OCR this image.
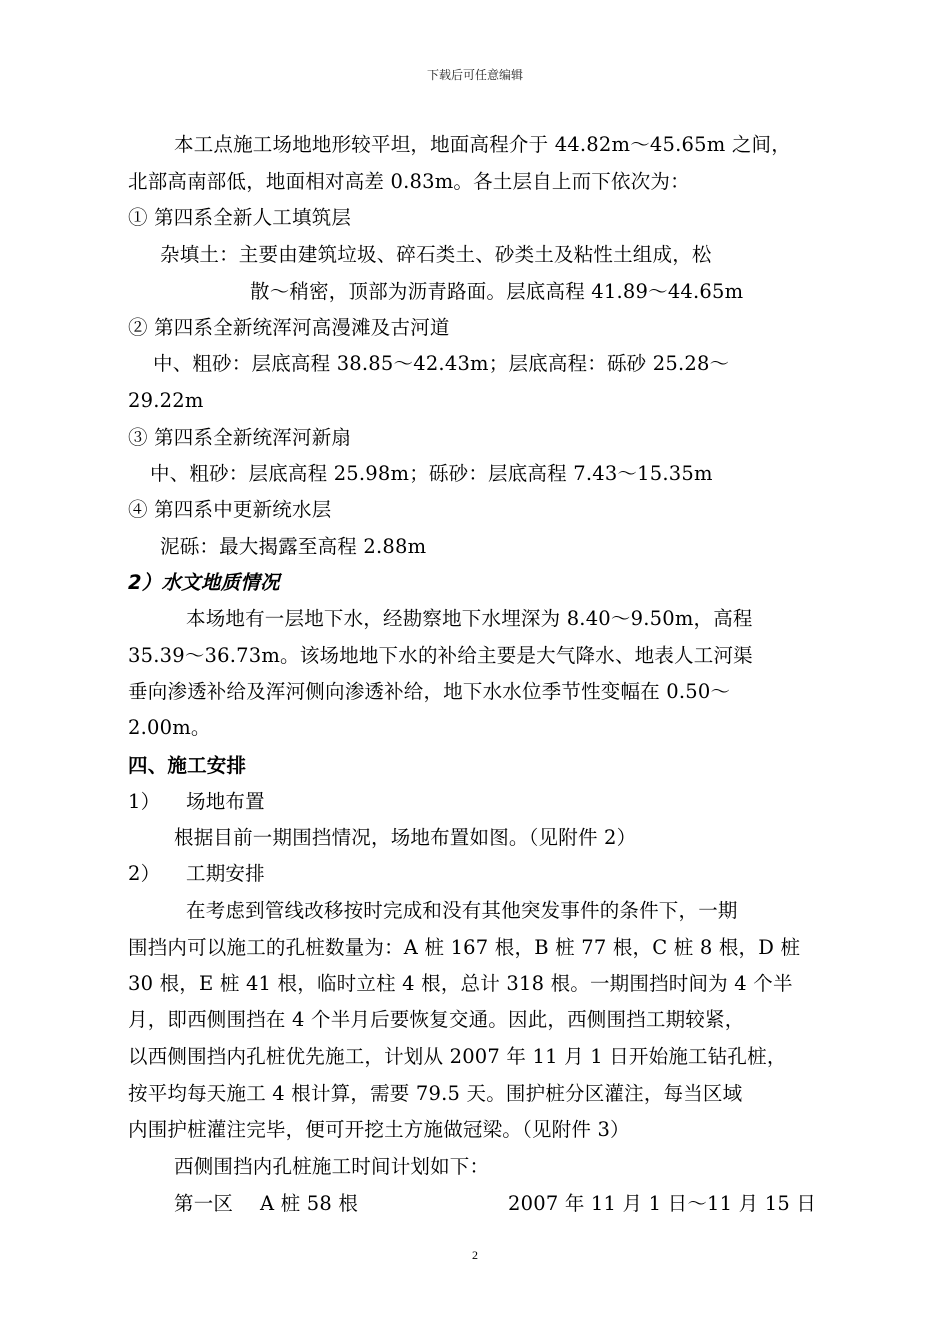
下载后可任意编辑
本工点施工场地地形较平坦，地面高程介于 44.82m～45.65m 之间，
北部高南部低，地面相对高差 0.83m。各土层自上而下依次为：
① 第四系全新人工填筑层
杂填土：主要由建筑垃圾、碎石类土、砂类土及粘性土组成，松
散～稍密，顶部为沥青路面。层底高程 41.89～44.65m
② 第四系全新统浑河高漫滩及古河道
中、粗砂：层底高程 38.85～42.43m；层底高程：砾砂 25.28～
29.22m
③ 第四系全新统浑河新扇
中、粗砂：层底高程 25.98m；砾砂：层底高程 7.43～15.35m
④ 第四系中更新统水层
泥砾：最大揭露至高程 2.88m
2）水文地质情况
本场地有一层地下水，经勘察地下水埋深为 8.40～9.50m，高程
35.39～36.73m。该场地地下水的补给主要是大气降水、地表人工河渠
垂向渗透补给及浑河侧向渗透补给，地下水水位季节性变幅在 0.50～
2.00m。
四、施工安排
1） 场地布置
根据目前一期围挡情况，场地布置如图。（见附件 2）
2） 工期安排
在考虑到管线改移按时完成和没有其他突发事件的条件下，一期
围挡内可以施工的孔桩数量为：A 桩 167 根，B 桩 77 根，C 桩 8 根，D 桩
30 根，E 桩 41 根，临时立柱 4 根，总计 318 根。一期围挡时间为 4 个半
月，即西侧围挡在 4 个半月后要恢复交通。因此，西侧围挡工期较紧，
以西侧围挡内孔桩优先施工，计划从 2007 年 11 月 1 日开始施工钻孔桩，
按平均每天施工 4 根计算，需要 79.5 天。围护桩分区灌注，每当区域
内围护桩灌注完毕，便可开挖土方施做冠梁。（见附件 3）
西侧围挡内孔桩施工时间计划如下：
第一区 A 桩 58 根	2007 年 11 月 1 日～11 月 15 日
2
